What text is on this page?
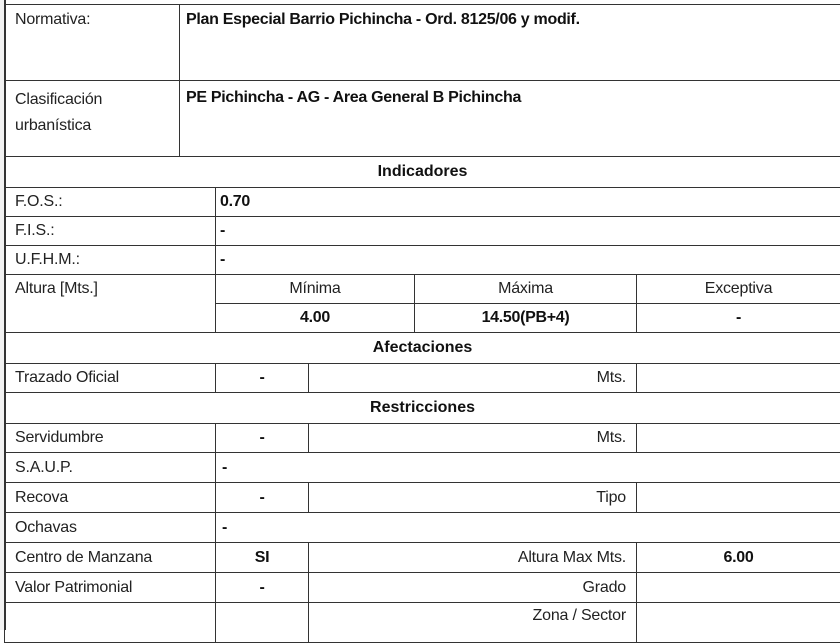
Normativa:	Plan Especial Barrio Pichincha - Ord. 8125/06 y modif.				

Clasificación
urbanística	PE Pichincha - AG - Area General B Pichincha				
Indicadores					
F.O.S.:		0.70			
F.I.S.:		-			
U.F.H.M.:		-			
Altura [Mts.]		Mínima		Máxima	Exceptiva
		4.00		14.50(PB+4)	-
Afectaciones					
Trazado Oficial		-	Mts.		
Restricciones					
Servidumbre		-	Mts.		
S.A.U.P.		-			
Recova		-	Tipo		
Ochavas		-			
Centro de Manzana		SI	Altura Max Mts.		6.00
Valor Patrimonial		-	Grado		
			Zona / Sector		
